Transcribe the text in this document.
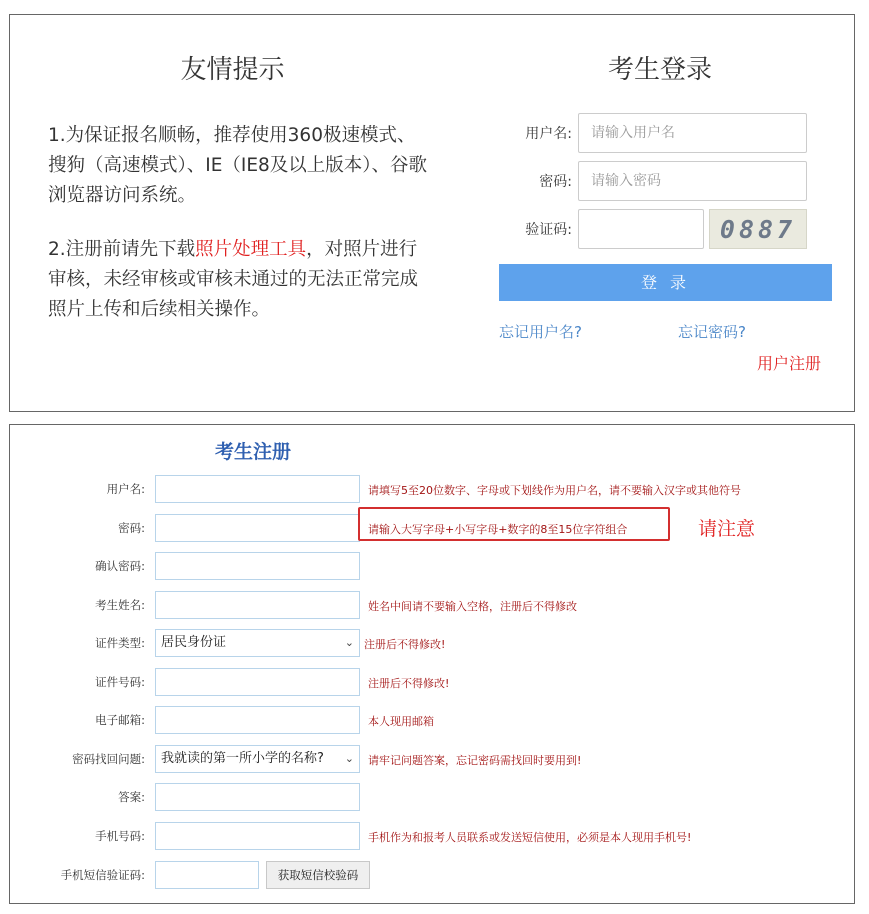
友情提示
1.为保证报名顺畅，推荐使用360极速模式、搜狗（高速模式）、IE（IE8及以上版本）、谷歌浏览器访问系统。
2.注册前请先下载照片处理工具，对照片进行审核，未经审核或审核未通过的无法正常完成照片上传和后续相关操作。
考生登录
用户名:	请输入用户名
密码:	请输入密码
验证码:	0887
登 录
忘记用户名?	忘记密码?
用户注册
考生注册
用户名:	请填写5至20位数字、字母或下划线作为用户名，请不要输入汉字或其他符号
密码:	请输入大写字母+小写字母+数字的8至15位字符组合	请注意
确认密码:
考生姓名:	姓名中间请不要输入空格，注册后不得修改
证件类型:	居民身份证	⌄ 注册后不得修改!
证件号码:	注册后不得修改!
电子邮箱:	本人现用邮箱
密码找回问题:	我就读的第一所小学的名称? ⌄ 请牢记问题答案，忘记密码需找回时要用到!
答案:
手机号码:	手机作为和报考人员联系或发送短信使用，必须是本人现用手机号!
手机短信验证码:	获取短信校验码
